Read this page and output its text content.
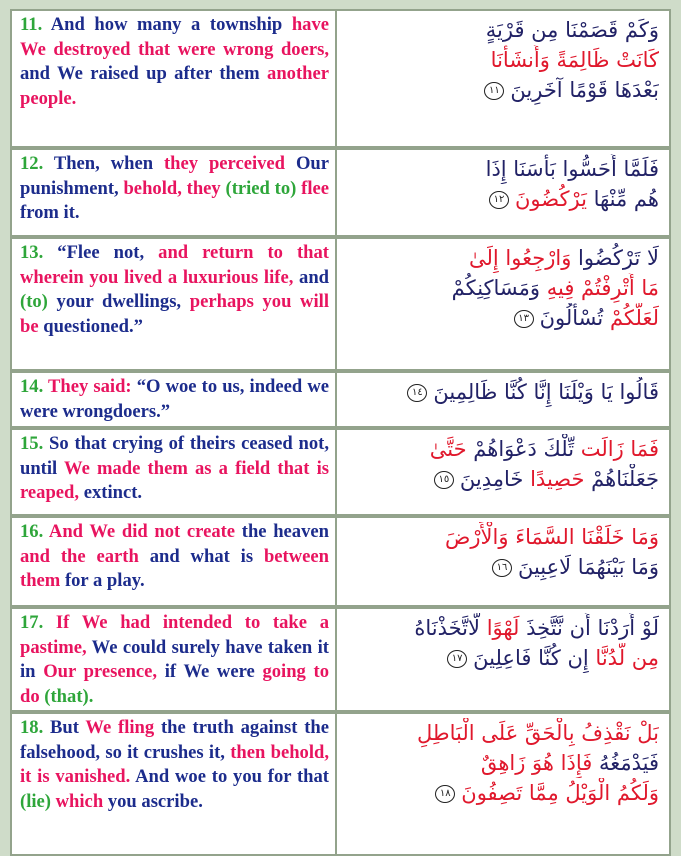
11. And how many a township have We destroyed that were wrong doers, and We raised up after them another people.
وَكَمْ قَصَمْنَا مِن قَرْيَةٍ
كَانَتْ ظَالِمَةً وَأَنشَأْنَا
بَعْدَهَا قَوْمًا آخَرِينَ١١
12. Then, when they perceived Our punishment, behold, they (tried to) flee from it.
فَلَمَّا أَحَسُّوا بَأْسَنَا إِذَا
هُم مِّنْهَا يَرْكُضُونَ١٢
13. “Flee not, and return to that wherein you lived a luxurious life, and (to) your dwellings, perhaps you will be questioned.”
لَا تَرْكُضُوا وَارْجِعُوا إِلَىٰ
مَا أُتْرِفْتُمْ فِيهِ وَمَسَاكِنِكُمْ
لَعَلَّكُمْ تُسْأَلُونَ١٣
14. They said: “O woe to us, indeed we were wrongdoers.”
قَالُوا يَا وَيْلَنَا إِنَّا كُنَّا ظَالِمِينَ١٤
15. So that crying of theirs ceased not, until We made them as a field that is reaped, extinct.
فَمَا زَالَت تِّلْكَ دَعْوَاهُمْ حَتَّىٰ
جَعَلْنَاهُمْ حَصِيدًا خَامِدِينَ١٥
16. And We did not create the heaven and the earth and what is between them for a play.
وَمَا خَلَقْنَا السَّمَاءَ وَالْأَرْضَ
وَمَا بَيْنَهُمَا لَاعِبِينَ١٦
17. If We had intended to take a pastime, We could surely have taken it in Our presence, if We were going to do (that).
لَوْ أَرَدْنَا أَن نَّتَّخِذَ لَهْوًا لَّاتَّخَذْنَاهُ
مِن لَّدُنَّا إِن كُنَّا فَاعِلِينَ١٧
18. But We fling the truth against the falsehood, so it crushes it, then behold, it is vanished. And woe to you for that (lie) which you ascribe.
بَلْ نَقْذِفُ بِالْحَقِّ عَلَى الْبَاطِلِ
فَيَدْمَغُهُ فَإِذَا هُوَ زَاهِقٌ
وَلَكُمُ الْوَيْلُ مِمَّا تَصِفُونَ١٨
